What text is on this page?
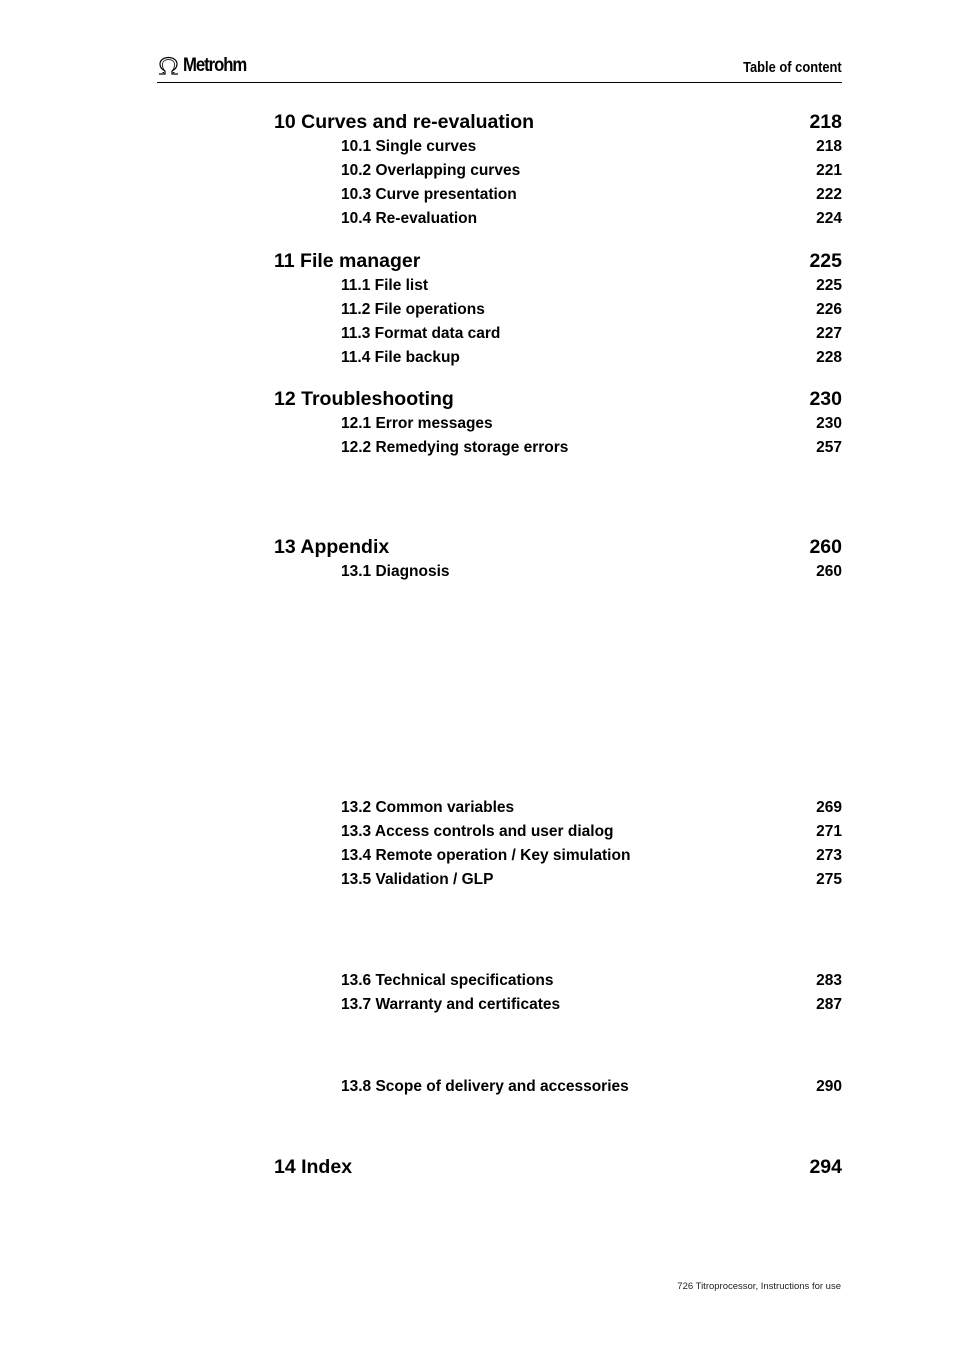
Metrohm	Table of content
10 Curves and re-evaluation	218
10.1 Single curves	218
10.2 Overlapping curves	221
10.3 Curve presentation	222
10.4 Re-evaluation	224
11 File manager	225
11.1 File list	225
11.2 File operations	226
11.3 Format data card	227
11.4 File backup	228
12 Troubleshooting	230
12.1 Error messages	230
12.2 Remedying storage errors	257
13 Appendix	260
13.1 Diagnosis	260
13.2 Common variables	269
13.3 Access controls and user dialog	271
13.4 Remote operation / Key simulation	273
13.5 Validation / GLP	275
13.6 Technical specifications	283
13.7 Warranty and certificates	287
13.8 Scope of delivery and accessories	290
14 Index	294
726 Titroprocessor, Instructions for use
